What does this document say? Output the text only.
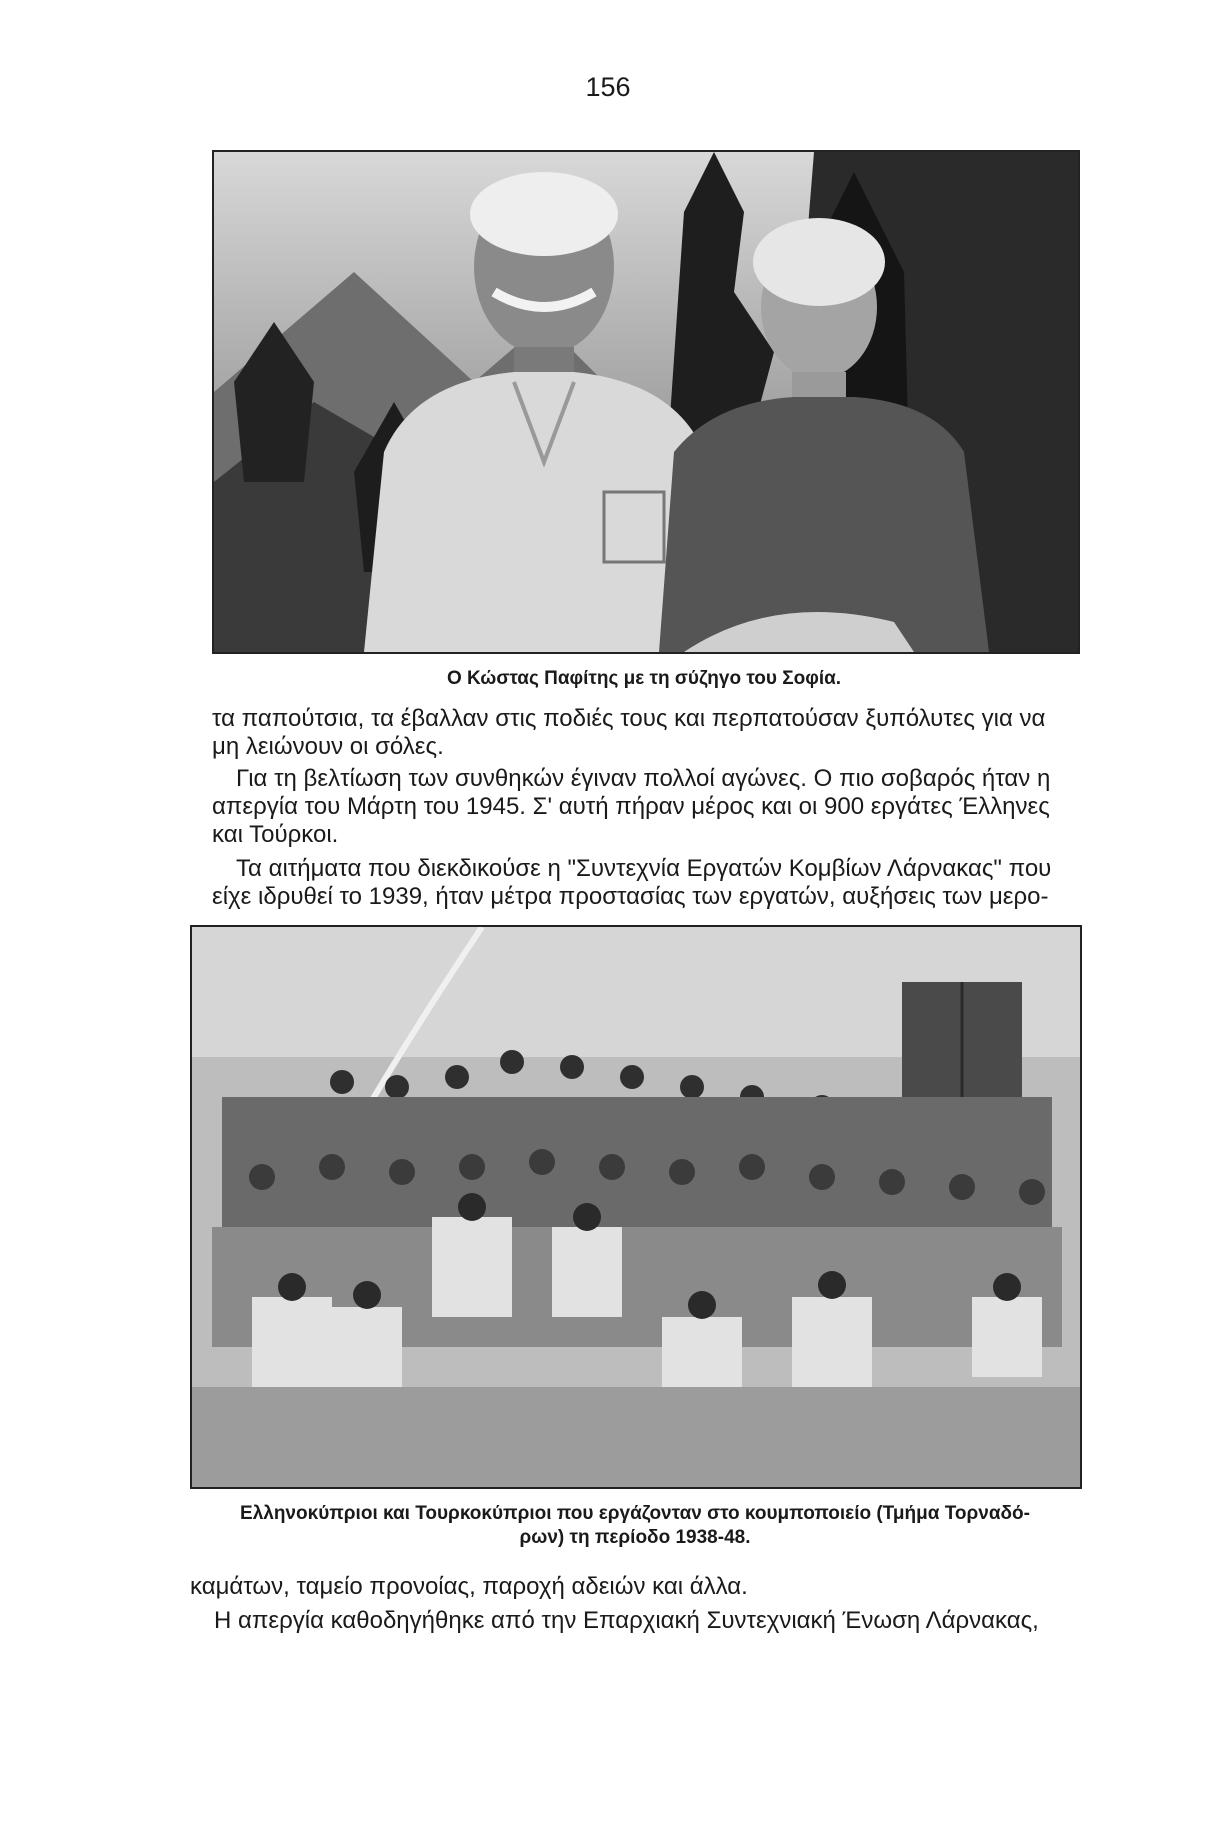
156
Ο Κώστας Παφίτης με τη σύζηγο του Σοφία.
τα παπούτσια, τα έβαλλαν στις ποδιές τους και περπατούσαν ξυπόλυτες για να
μη λειώνουν οι σόλες.
Για τη βελτίωση των συνθηκών έγιναν πολλοί αγώνες. Ο πιο σοβαρός ήταν η
απεργία του Μάρτη του 1945. Σ' αυτή πήραν μέρος και οι 900 εργάτες Έλληνες
και Τούρκοι.
Τα αιτήματα που διεκδικούσε η "Συντεχνία Εργατών Κομβίων Λάρνακας" που
είχε ιδρυθεί το 1939, ήταν μέτρα προστασίας των εργατών, αυξήσεις των μερο-
Ελληνοκύπριοι και Τουρκοκύπριοι που εργάζονταν στο κουμποποιείο (Τμήμα Τορναδό-
ρων) τη περίοδο 1938-48.
καμάτων, ταμείο προνοίας, παροχή αδειών και άλλα.
Η απεργία καθοδηγήθηκε από την Επαρχιακή Συντεχνιακή Ένωση Λάρνακας,
